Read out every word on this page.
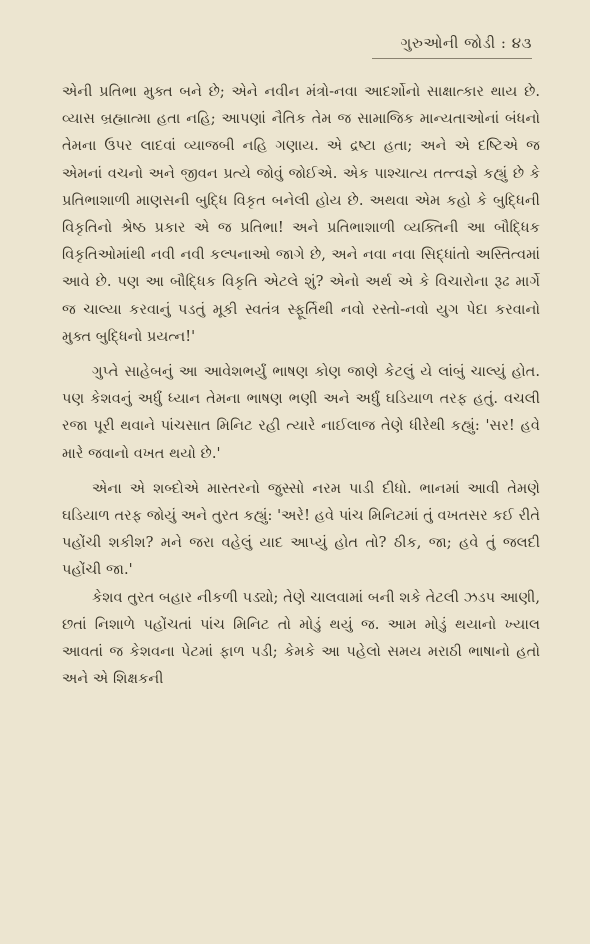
ગુરુઓની જોડી : ૪૩

એની પ્રતિભા મુક્ત બને છે; એને નવીન મંત્રો-નવા આદર્શોનો સાક્ષાત્કાર થાય છે. વ્યાસ બ્રહ્માત્મા હતા નહિ; આપણાં નૈતિક તેમ જ સામાજિક માન્યતાઓનાં બંધનો તેમના ઉપર લાદવાં વ્યાજબી નહિ ગણાય. એ દ્રષ્ટા હતા; અને એ દષ્ટિએ જ એમનાં વચનો અને જીવન પ્રત્યે જોવું જોઈએ. એક પાશ્ચાત્ય તત્ત્વજ્ઞે કહ્યું છે કે પ્રતિભાશાળી માણસની બુદ્ધિ વિકૃત બનેલી હોય છે. અથવા એમ કહો કે બુદ્ધિની વિકૃતિનો શ્રેષ્ઠ પ્રકાર એ જ પ્રતિભા! અને પ્રતિભાશાળી વ્યક્તિની આ બૌદ્ધિક વિકૃતિઓમાંથી નવી નવી કલ્પનાઓ જાગે છે, અને નવા નવા સિદ્ધાંતો અસ્તિત્વમાં આવે છે. પણ આ બૌદ્ધિક વિકૃતિ એટલે શું? એનો અર્થ એ કે વિચારોના રૂઢ માર્ગે જ ચાલ્યા કરવાનું પડતું મૂકી સ્વતંત્ર સ્ફૂર્તિથી નવો રસ્તો-નવો યુગ પેદા કરવાનો મુક્ત બુદ્ધિનો પ્રયત્ન!'

ગુપ્તે સાહેબનું આ આવેશભર્યું ભાષણ કોણ જાણે કેટલું યે લાંબું ચાલ્યું હોત. પણ કેશવનું અર્ધું ધ્યાન તેમના ભાષણ ભણી અને અર્ધું ઘડિયાળ તરફ હતું. વચલી રજા પૂરી થવાને પાંચસાત મિનિટ રહી ત્યારે નાઈલાજ તેણે ધીરેથી કહ્યું: 'સર! હવે મારે જવાનો વખત થયો છે.'

એના એ શબ્દોએ માસ્તરનો જુસ્સો નરમ પાડી દીધો. ભાનમાં આવી તેમણે ઘડિયાળ તરફ જોયું અને તુરત કહ્યું: 'અરે! હવે પાંચ મિનિટમાં તું વખતસર કઈ રીતે પહોંચી શકીશ? મને જરા વહેલું યાદ આપ્યું હોત તો? ઠીક, જા; હવે તું જલદી પહોંચી જા.'

કેશવ તુરત બહાર નીકળી પડ્યો; તેણે ચાલવામાં બની શકે તેટલી ઝડપ આણી, છતાં નિશાળે પહોંચતાં પાંચ મિનિટ તો મોડું થયું જ. આમ મોડું થયાનો ખ્યાલ આવતાં જ કેશવના પેટમાં ફાળ પડી; કેમકે આ પહેલો સમય મરાઠી ભાષાનો હતો અને એ શિક્ષકની
